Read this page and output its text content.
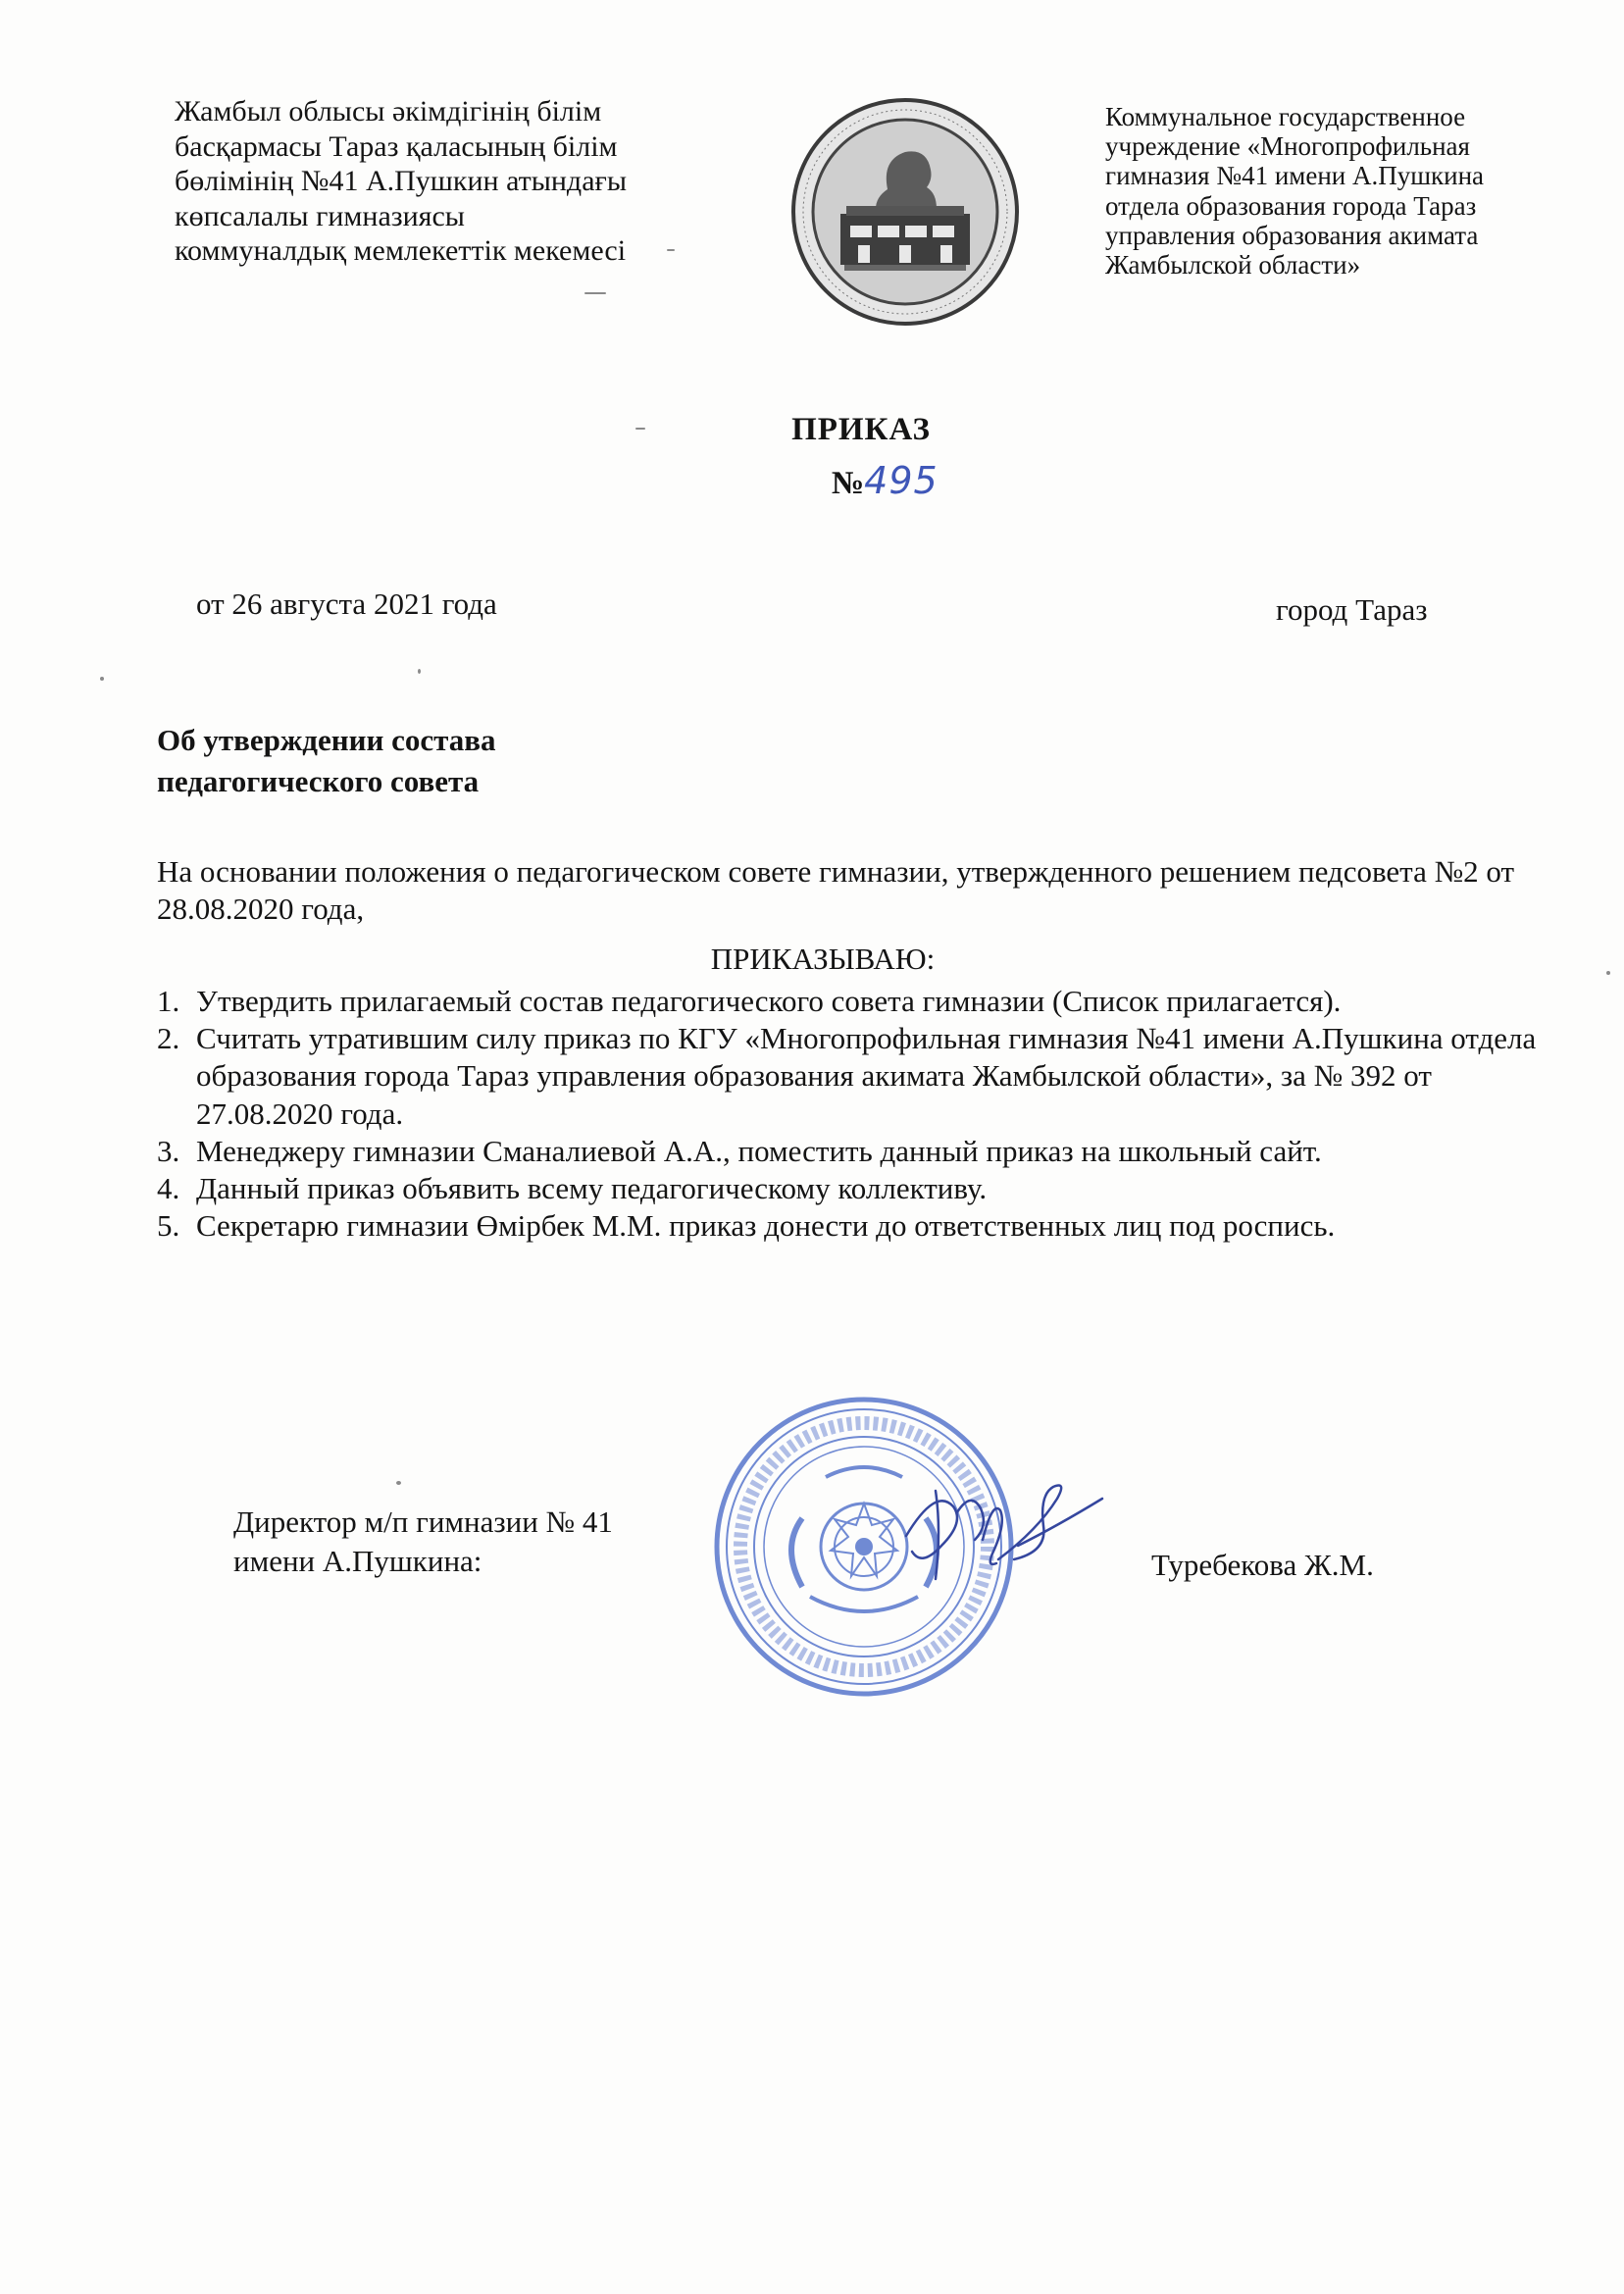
Жамбыл облысы әкімдігінің білім
басқармасы Тараз қаласының білім
бөлімінің №41 А.Пушкин атындағы
көпсалалы гимназиясы
коммуналдық мемлекеттік мекемесі
Коммунальное государственное
учреждение «Многопрофильная
гимназия №41 имени А.Пушкина
отдела образования города Тараз
управления образования акимата
Жамбылской области»
ПРИКАЗ
№495
от 26 августа 2021 года	город Тараз
Об утверждении состава
педагогического совета
На основании положения о педагогическом совете гимназии, утвержденного решением педсовета №2 от 28.08.2020 года,
ПРИКАЗЫВАЮ:
1. Утвердить прилагаемый состав педагогического совета гимназии (Список прилагается).
2. Считать утратившим силу приказ по КГУ «Многопрофильная гимназия №41 имени А.Пушкина отдела образования города Тараз управления образования акимата Жамбылской области», за № 392 от 27.08.2020 года.
3. Менеджеру гимназии Сманалиевой А.А., поместить данный приказ на школьный сайт.
4. Данный приказ объявить всему педагогическому коллективу.
5. Секретарю гимназии Өмірбек М.М. приказ донести до ответственных лиц под роспись.
Директор м/п гимназии № 41
имени А.Пушкина:	Туребекова Ж.М.
